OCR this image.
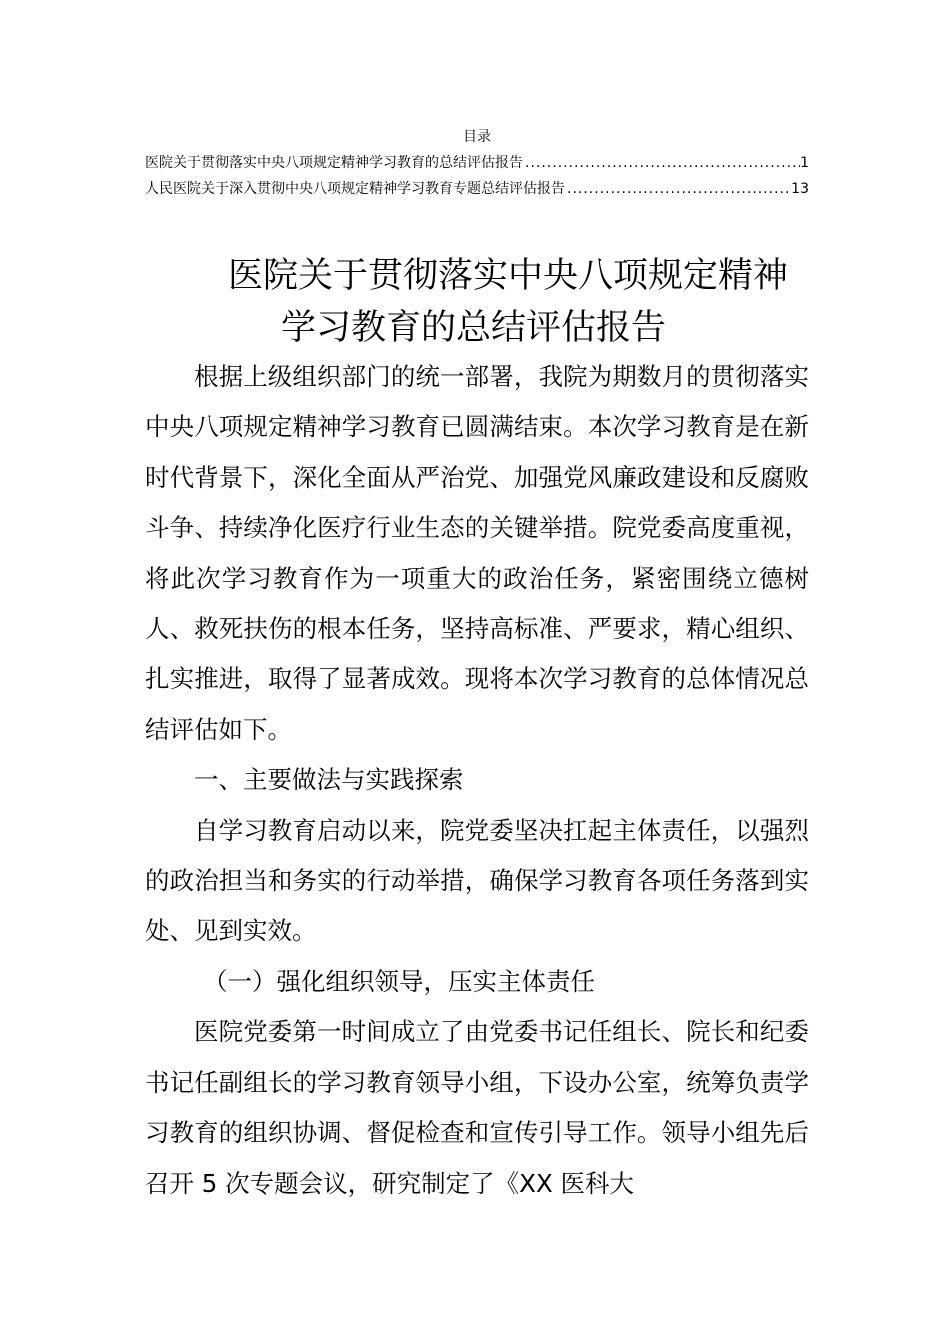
目录
医院关于贯彻落实中央八项规定精神学习教育的总结评估报告 .....	1
人民医院关于深入贯彻中央八项规定精神学习教育专题总结评估报告 .....	13
医院关于贯彻落实中央八项规定精神
学习教育的总结评估报告

根据上级组织部门的统一部署，我院为期数月的贯彻落实中央八项规定精神学习教育已圆满结束。本次学习教育是在新时代背景下，深化全面从严治党、加强党风廉政建设和反腐败斗争、持续净化医疗行业生态的关键举措。院党委高度重视，将此次学习教育作为一项重大的政治任务，紧密围绕立德树人、救死扶伤的根本任务，坚持高标准、严要求，精心组织、扎实推进，取得了显著成效。现将本次学习教育的总体情况总结评估如下。

一、主要做法与实践探索

自学习教育启动以来，院党委坚决扛起主体责任，以强烈的政治担当和务实的行动举措，确保学习教育各项任务落到实处、见到实效。

（一）强化组织领导，压实主体责任

医院党委第一时间成立了由党委书记任组长、院长和纪委书记任副组长的学习教育领导小组，下设办公室，统筹负责学习教育的组织协调、督促检查和宣传引导工作。领导小组先后召开 5 次专题会议，研究制定了《XX 医科大
